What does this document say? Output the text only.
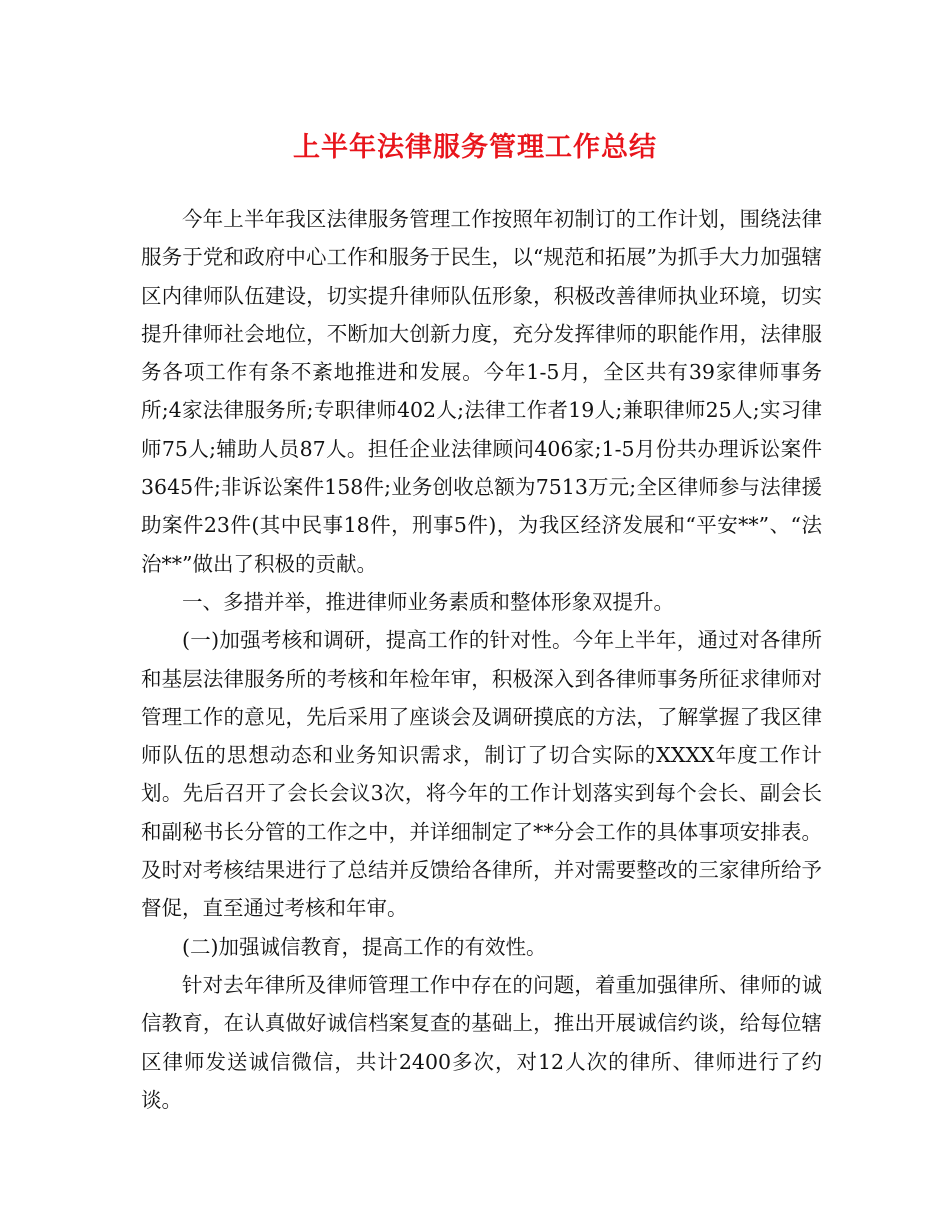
上半年法律服务管理工作总结

今年上半年我区法律服务管理工作按照年初制订的工作计划，围绕法律服务于党和政府中心工作和服务于民生，以“规范和拓展”为抓手大力加强辖区内律师队伍建设，切实提升律师队伍形象，积极改善律师执业环境，切实提升律师社会地位，不断加大创新力度，充分发挥律师的职能作用，法律服务各项工作有条不紊地推进和发展。今年1-5月，全区共有39家律师事务所;4家法律服务所;专职律师402人;法律工作者19人;兼职律师25人;实习律师75人;辅助人员87人。担任企业法律顾问406家;1-5月份共办理诉讼案件3645件;非诉讼案件158件;业务创收总额为7513万元;全区律师参与法律援助案件23件(其中民事18件，刑事5件)，为我区经济发展和“平安**”、“法治**”做出了积极的贡献。

一、多措并举，推进律师业务素质和整体形象双提升。

(一)加强考核和调研，提高工作的针对性。今年上半年，通过对各律所和基层法律服务所的考核和年检年审，积极深入到各律师事务所征求律师对管理工作的意见，先后采用了座谈会及调研摸底的方法，了解掌握了我区律师队伍的思想动态和业务知识需求，制订了切合实际的XXXX年度工作计划。先后召开了会长会议3次，将今年的工作计划落实到每个会长、副会长和副秘书长分管的工作之中，并详细制定了**分会工作的具体事项安排表。及时对考核结果进行了总结并反馈给各律所，并对需要整改的三家律所给予督促，直至通过考核和年审。

(二)加强诚信教育，提高工作的有效性。

针对去年律所及律师管理工作中存在的问题，着重加强律所、律师的诚信教育，在认真做好诚信档案复查的基础上，推出开展诚信约谈，给每位辖区律师发送诚信微信，共计2400多次，对12人次的律所、律师进行了约谈。
